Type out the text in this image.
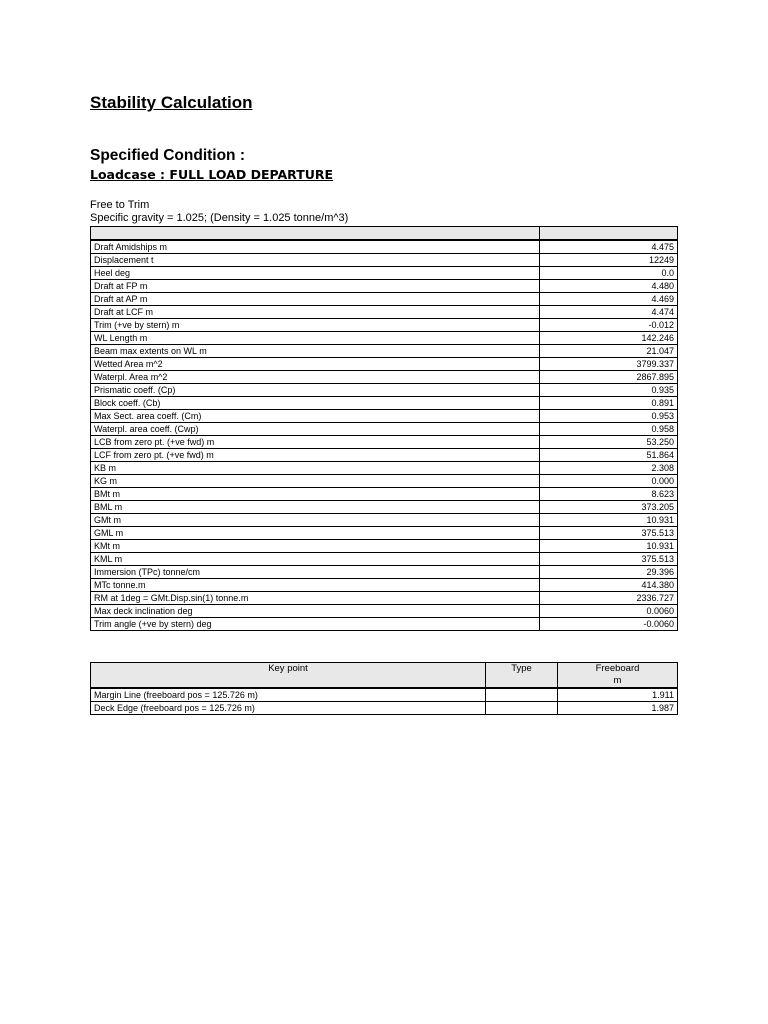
Stability Calculation
Specified Condition :
Loadcase : FULL LOAD DEPARTURE
Free to Trim
Specific gravity = 1.025; (Density = 1.025 tonne/m^3)

Draft Amidships m	4.475
Displacement t	12249
Heel deg	0.0
Draft at FP m	4.480
Draft at AP m	4.469
Draft at LCF m	4.474
Trim (+ve by stern) m	-0.012
WL Length m	142.246
Beam max extents on WL m	21.047
Wetted Area m^2	3799.337
Waterpl. Area m^2	2867.895
Prismatic coeff. (Cp)	0.935
Block coeff. (Cb)	0.891
Max Sect. area coeff. (Cm)	0.953
Waterpl. area coeff. (Cwp)	0.958
LCB from zero pt. (+ve fwd) m	53.250
LCF from zero pt. (+ve fwd) m	51.864
KB m	2.308
KG m	0.000
BMt m	8.623
BML m	373.205
GMt m	10.931
GML m	375.513
KMt m	10.931
KML m	375.513
Immersion (TPc) tonne/cm	29.396
MTc tonne.m	414.380
RM at 1deg = GMt.Disp.sin(1) tonne.m	2336.727
Max deck inclination deg	0.0060
Trim angle (+ve by stern) deg	-0.0060
Key point	Type	Freeboard
m

Margin Line (freeboard pos = 125.726 m)		1.911
Deck Edge (freeboard pos = 125.726 m)		1.987
